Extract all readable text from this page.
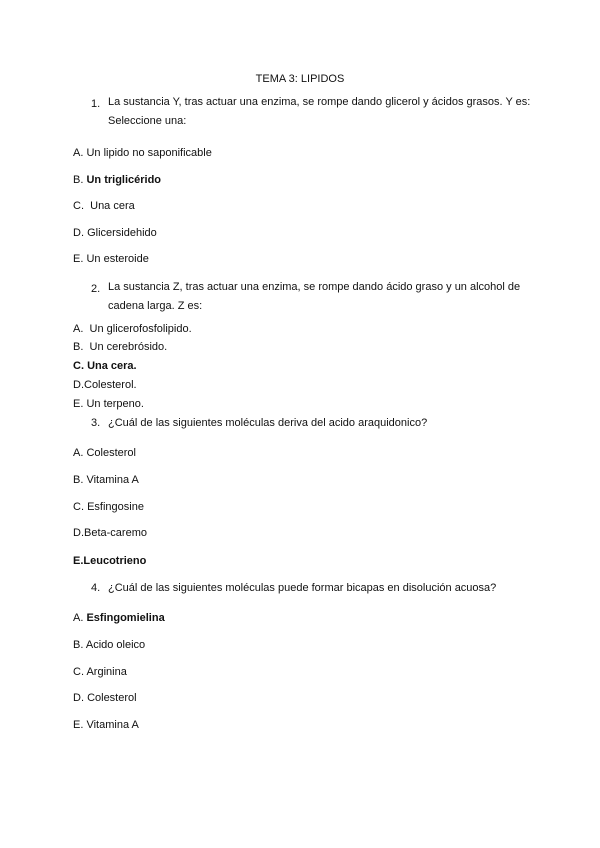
TEMA 3: LIPIDOS
1. La sustancia Y, tras actuar una enzima, se rompe dando glicerol y ácidos grasos. Y es: Seleccione una:
A. Un lipido no saponificable
B. Un triglicérido
C. Una cera
D. Glicersidehido
E. Un esteroide
2. La sustancia Z, tras actuar una enzima, se rompe dando ácido graso y un alcohol de cadena larga. Z es:
A. Un glicerofosfolipido.
B. Un cerebrósido.
C. Una cera.
D.Colesterol.
E. Un terpeno.
3. ¿Cuál de las siguientes moléculas deriva del acido araquidonico?
A. Colesterol
B. Vitamina A
C. Esfingosine
D.Beta-caremo
E.Leucotrieno
4. ¿Cuál de las siguientes moléculas puede formar bicapas en disolución acuosa?
A. Esfingomielina
B. Acido oleico
C. Arginina
D. Colesterol
E. Vitamina A
